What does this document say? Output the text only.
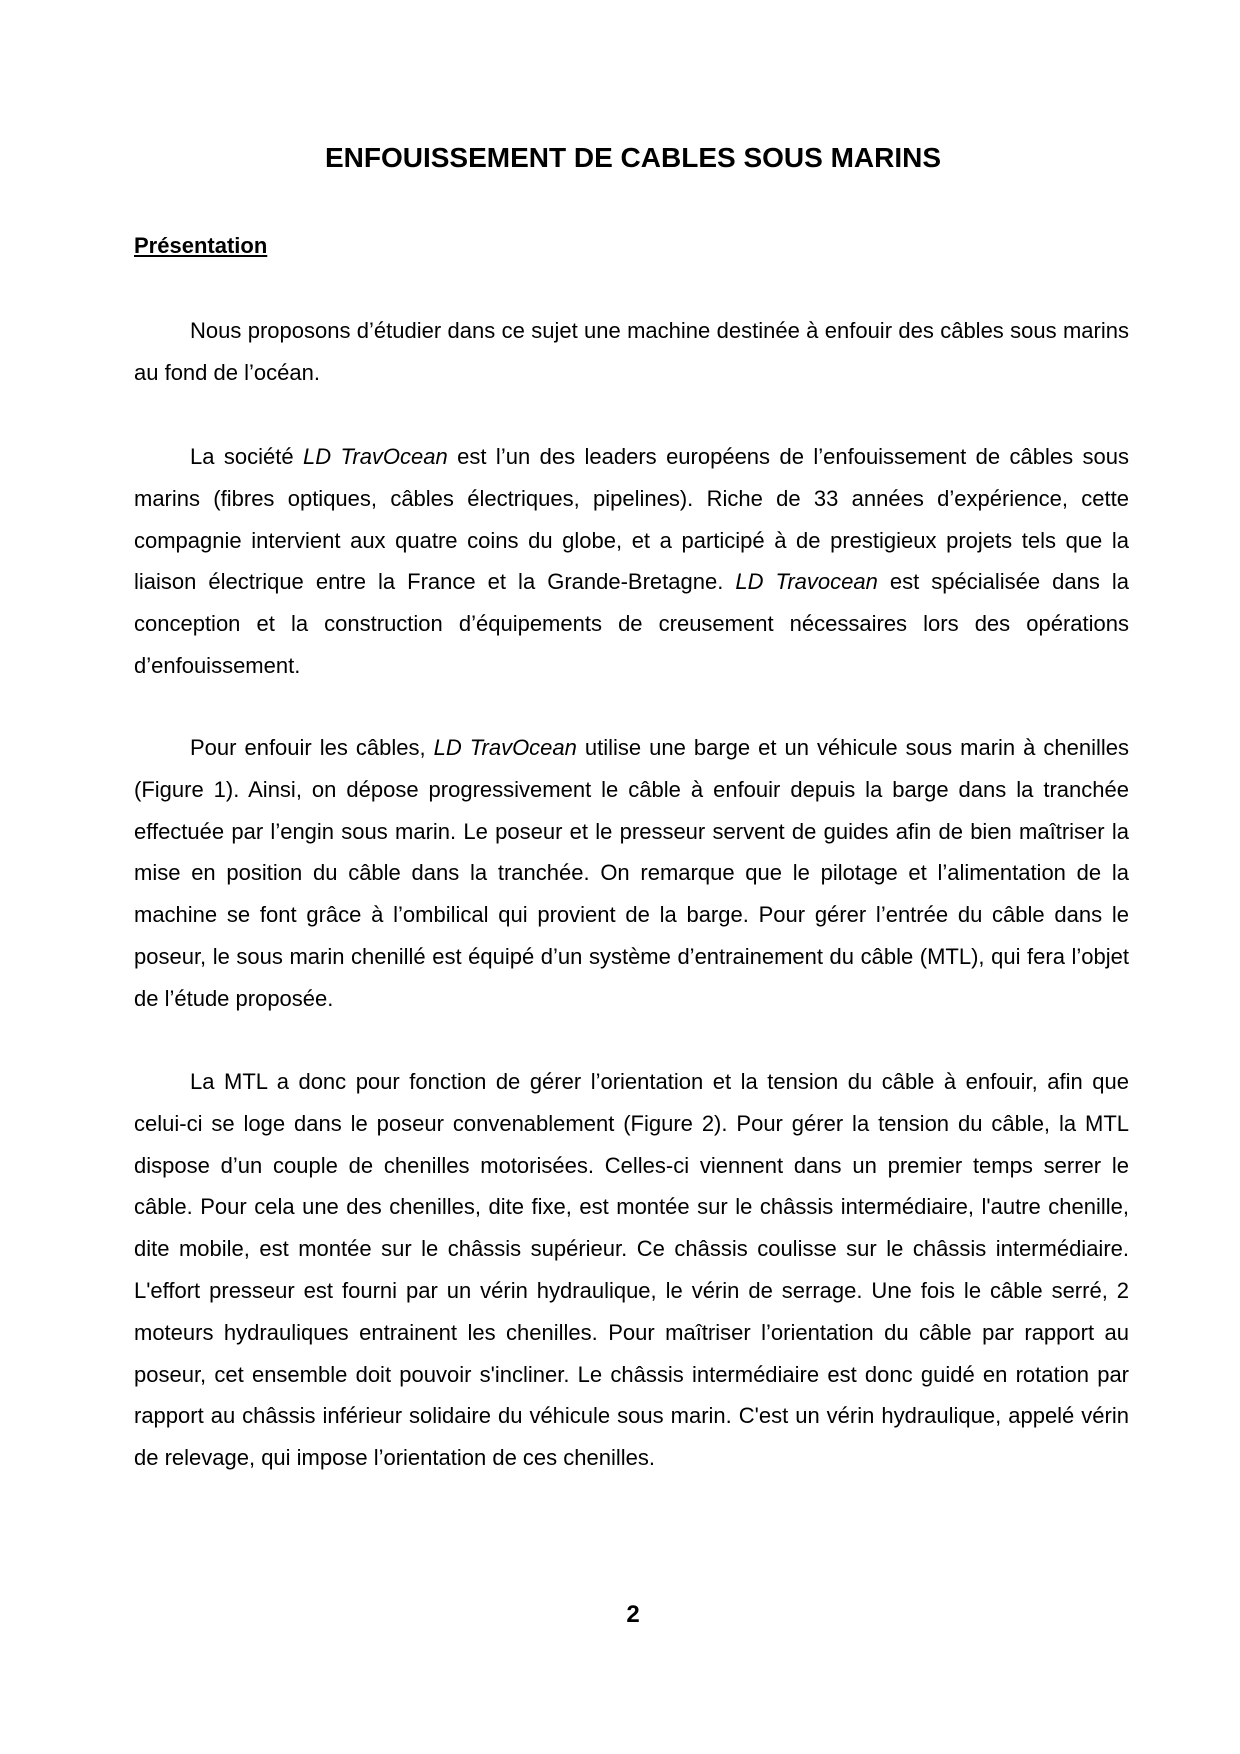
ENFOUISSEMENT DE CABLES SOUS MARINS
Présentation

Nous proposons d’étudier dans ce sujet une machine destinée à enfouir des câbles sous marins au fond de l’océan.

La société LD TravOcean est l’un des leaders européens de l’enfouissement de câbles sous marins (fibres optiques, câbles électriques, pipelines). Riche de 33 années d’expérience, cette compagnie intervient aux quatre coins du globe, et a participé à de prestigieux projets tels que la liaison électrique entre la France et la Grande-Bretagne. LD Travocean est spécialisée dans la conception et la construction d’équipements de creusement nécessaires lors des opérations d’enfouissement.

Pour enfouir les câbles, LD TravOcean utilise une barge et un véhicule sous marin à chenilles (Figure 1). Ainsi, on dépose progressivement le câble à enfouir depuis la barge dans la tranchée effectuée par l’engin sous marin. Le poseur et le presseur servent de guides afin de bien maîtriser la mise en position du câble dans la tranchée. On remarque que le pilotage et l’alimentation de la machine se font grâce à l’ombilical qui provient de la barge. Pour gérer l’entrée du câble dans le poseur, le sous marin chenillé est équipé d’un système d’entrainement du câble (MTL), qui fera l’objet de l’étude proposée.

La MTL a donc pour fonction de gérer l’orientation et la tension du câble à enfouir, afin que celui-ci se loge dans le poseur convenablement (Figure 2). Pour gérer la tension du câble, la MTL dispose d’un couple de chenilles motorisées. Celles-ci viennent dans un premier temps serrer le câble. Pour cela une des chenilles, dite fixe, est montée sur le châssis intermédiaire, l'autre chenille, dite mobile, est montée sur le châssis supérieur. Ce châssis coulisse sur le châssis intermédiaire. L'effort presseur est fourni par un vérin hydraulique, le vérin de serrage. Une fois le câble serré, 2 moteurs hydrauliques entrainent les chenilles. Pour maîtriser l’orientation du câble par rapport au poseur, cet ensemble doit pouvoir s'incliner. Le châssis intermédiaire est donc guidé en rotation par rapport au châssis inférieur solidaire du véhicule sous marin. C'est un vérin hydraulique, appelé vérin de relevage, qui impose l’orientation de ces chenilles.

2
